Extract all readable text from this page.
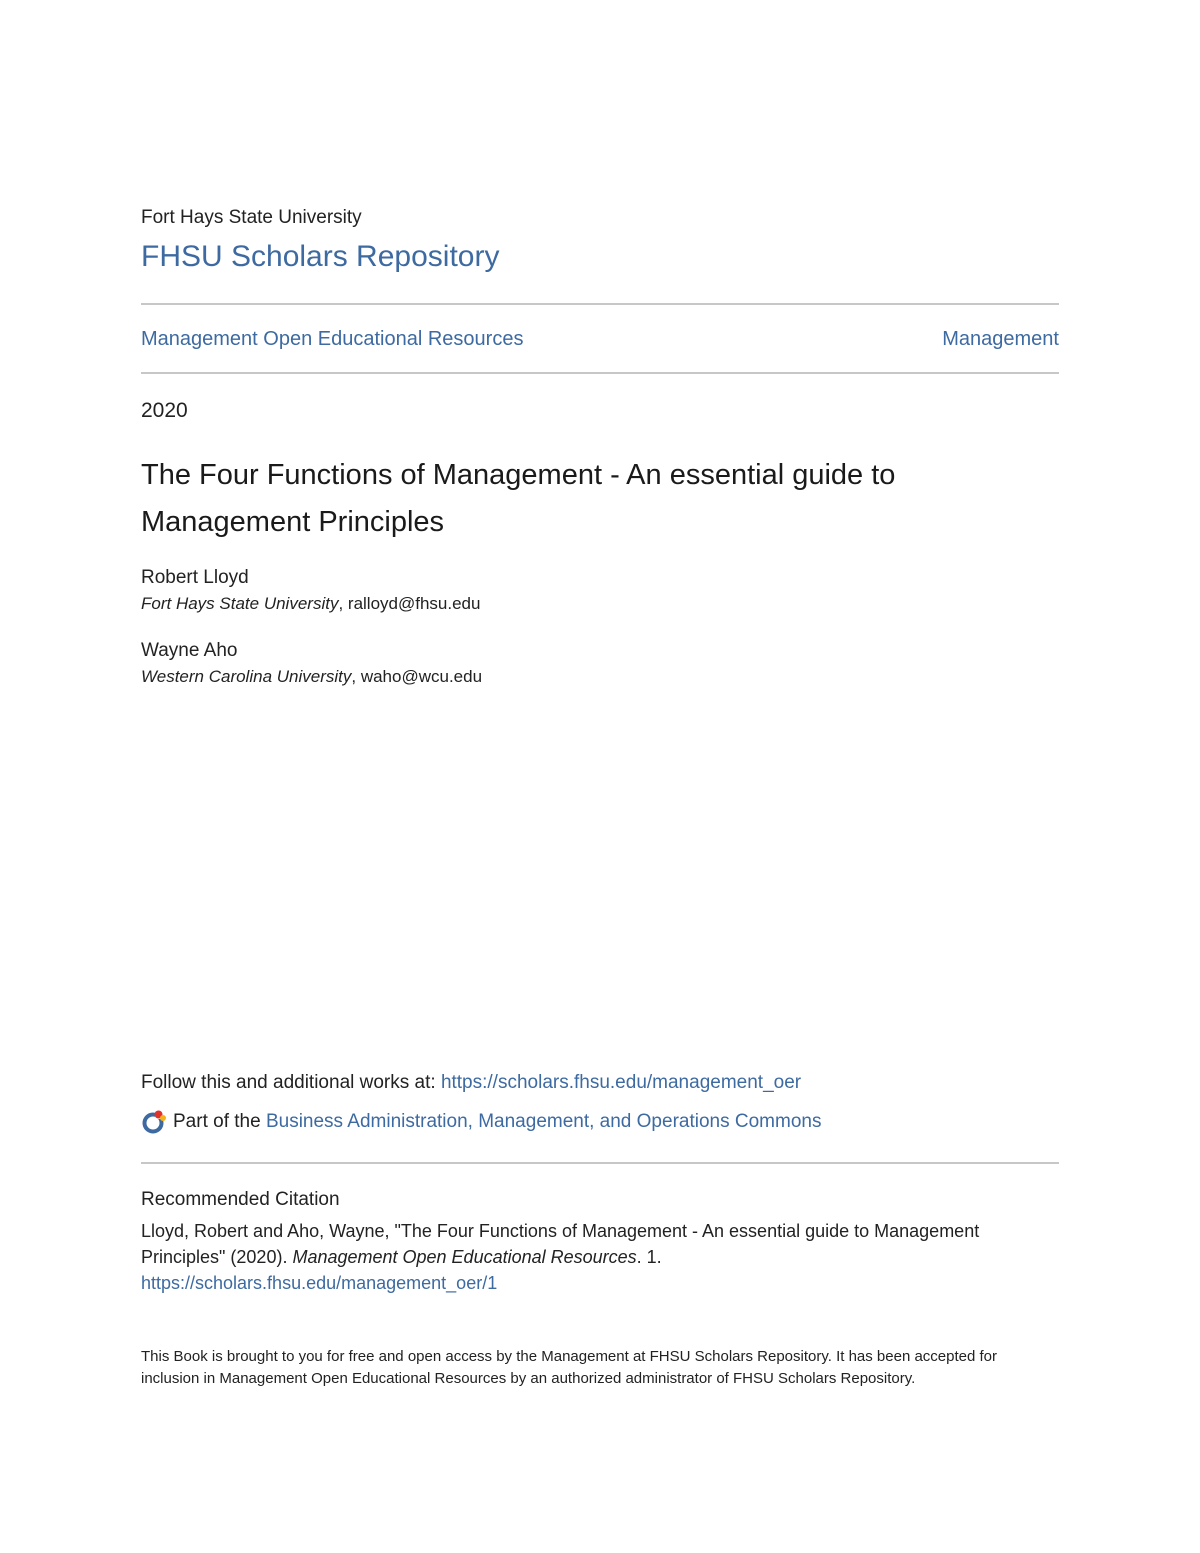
Fort Hays State University
FHSU Scholars Repository
Management Open Educational Resources	Management
2020
The Four Functions of Management - An essential guide to Management Principles
Robert Lloyd
Fort Hays State University, ralloyd@fhsu.edu
Wayne Aho
Western Carolina University, waho@wcu.edu
Follow this and additional works at: https://scholars.fhsu.edu/management_oer
Part of the
Business Administration, Management, and Operations Commons
Recommended Citation
Lloyd, Robert and Aho, Wayne, "The Four Functions of Management - An essential guide to Management Principles" (2020). Management Open Educational Resources. 1.
https://scholars.fhsu.edu/management_oer/1
This Book is brought to you for free and open access by the Management at FHSU Scholars Repository. It has been accepted for inclusion in Management Open Educational Resources by an authorized administrator of FHSU Scholars Repository.
